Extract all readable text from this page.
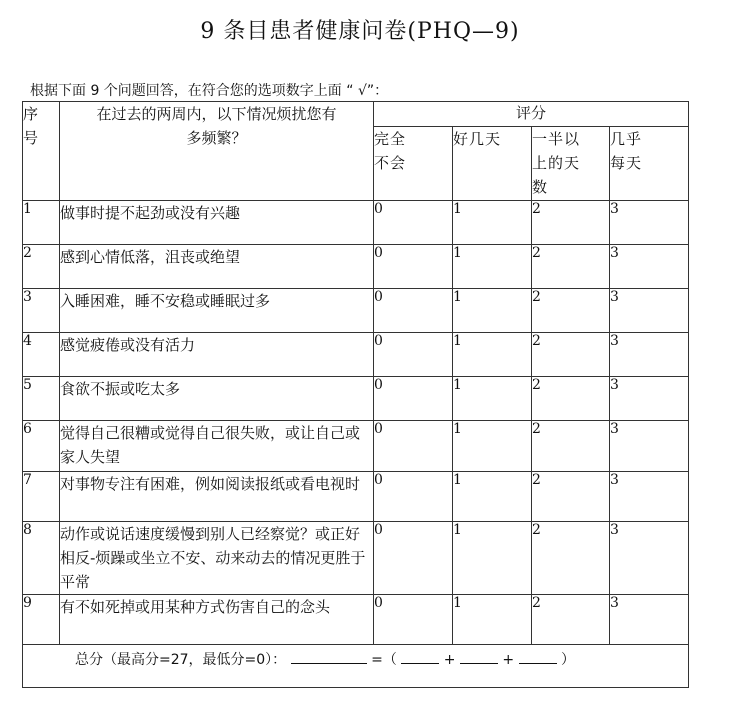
9 条目患者健康问卷(PHQ—9)
根据下面 9 个问题回答，在符合您的选项数字上面 “ √”：
序号	在过去的两周内，以下情况烦扰您有多频繁？	评分			

		完全不会	好几天	一半以上的天数	几乎每天

1	做事时提不起劲或没有兴趣	0	1	2	3
2	感到心情低落，沮丧或绝望	0	1	2	3
3	入睡困难，睡不安稳或睡眠过多	0	1	2	3
4	感觉疲倦或没有活力	0	1	2	3
5	食欲不振或吃太多	0	1	2	3
6	觉得自己很糟或觉得自己很失败，或让自己或家人失望	0	1	2	3
7	对事物专注有困难，例如阅读报纸或看电视时	0	1	2	3
8	动作或说话速度缓慢到别人已经察觉？或正好相反-烦躁或坐立不安、动来动去的情况更胜于平常	0	1	2	3
9	有不如死掉或用某种方式伤害自己的念头	0	1	2	3

总分（最高分=27，最低分=0）： =（ + + ）					
